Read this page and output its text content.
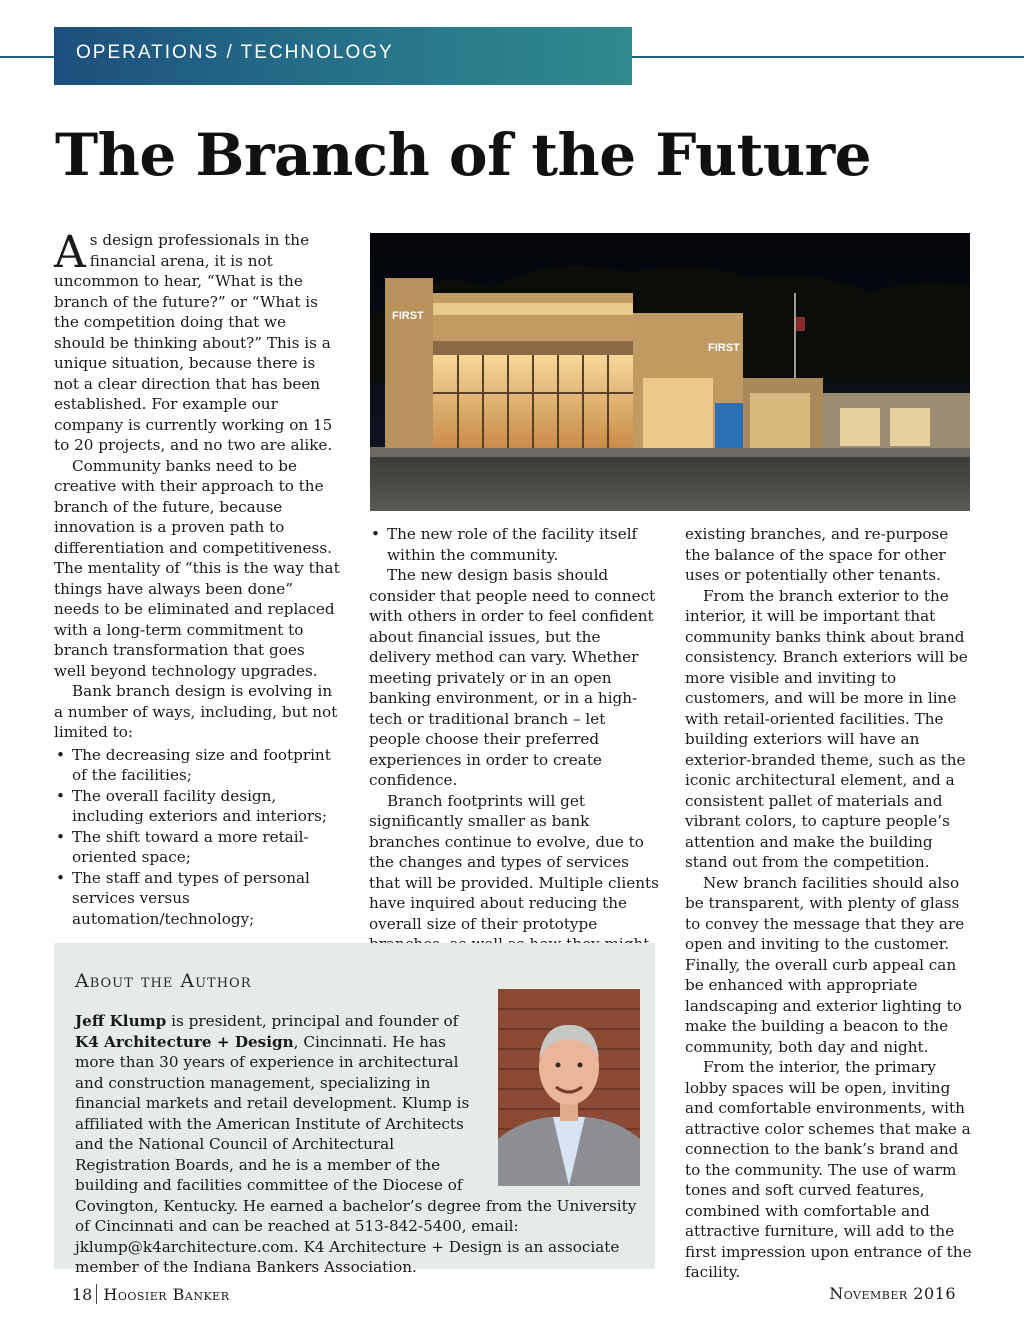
OPERATIONS / TECHNOLOGY
The Branch of the Future

As design professionals in the financial arena, it is not uncommon to hear, “What is the branch of the future?” or “What is the competition doing that we should be thinking about?” This is a unique situation, because there is not a clear direction that has been established. For example our company is currently working on 15 to 20 projects, and no two are alike.

Community banks need to be creative with their approach to the branch of the future, because innovation is a proven path to differentiation and competitiveness. The mentality of “this is the way that things have always been done” needs to be eliminated and replaced with a long-term commitment to branch transformation that goes well beyond technology upgrades.

Bank branch design is evolving in a number of ways, including, but not limited to:

• The decreasing size and footprint of the facilities;
• The overall facility design, including exteriors and interiors;
• The shift toward a more retail-oriented space;
• The staff and types of personal services versus automation/technology;
FIRST
FIRST
• The new role of the facility itself within the community.

The new design basis should consider that people need to connect with others in order to feel confident about financial issues, but the delivery method can vary. Whether meeting privately or in an open banking environment, or in a high-tech or traditional branch – let people choose their preferred experiences in order to create confidence.

Branch footprints will get significantly smaller as bank branches continue to evolve, due to the changes and types of services that will be provided. Multiple clients have inquired about reducing the overall size of their prototype

existing branches, and re-purpose the balance of the space for other uses or potentially other tenants.

From the branch exterior to the interior, it will be important that community banks think about brand consistency. Branch exteriors will be more visible and inviting to customers, and will be more in line with retail-oriented facilities. The building exteriors will have an exterior-branded theme, such as the iconic architectural element, and a consistent pallet of materials and vibrant colors, to capture people’s attention and make the building stand out from the competition.

New branch facilities should also be transparent, with plenty of glass to convey the message that they are open and inviting to the customer. Finally, the overall curb appeal can be enhanced with appropriate landscaping and exterior lighting to make the building a beacon to the community, both day and night.

From the interior, the primary lobby spaces will be open, inviting and comfortable environments, with attractive color schemes that make a connection to the bank’s brand and to the community. The use of warm tones and soft curved features, combined with comfortable and attractive furniture, will add to the first impression upon entrance of the facility.

About the Author

Jeff Klump is president, principal and founder of K4 Architecture + Design, Cincinnati. He has more than 30 years of experience in architectural and construction management, specializing in financial markets and retail development. Klump is affiliated with the American Institute of Architects and the National Council of Architectural Registration Boards, and he is a member of the building and facilities committee of the Diocese of Covington, Kentucky. He earned a bachelor’s degree from the University of Cincinnati and can be reached at 513-842-5400, email: jklump@k4architecture.com. K4 Architecture + Design is an associate member of the Indiana Bankers Association.

18 Hoosier Banker	November 2016
